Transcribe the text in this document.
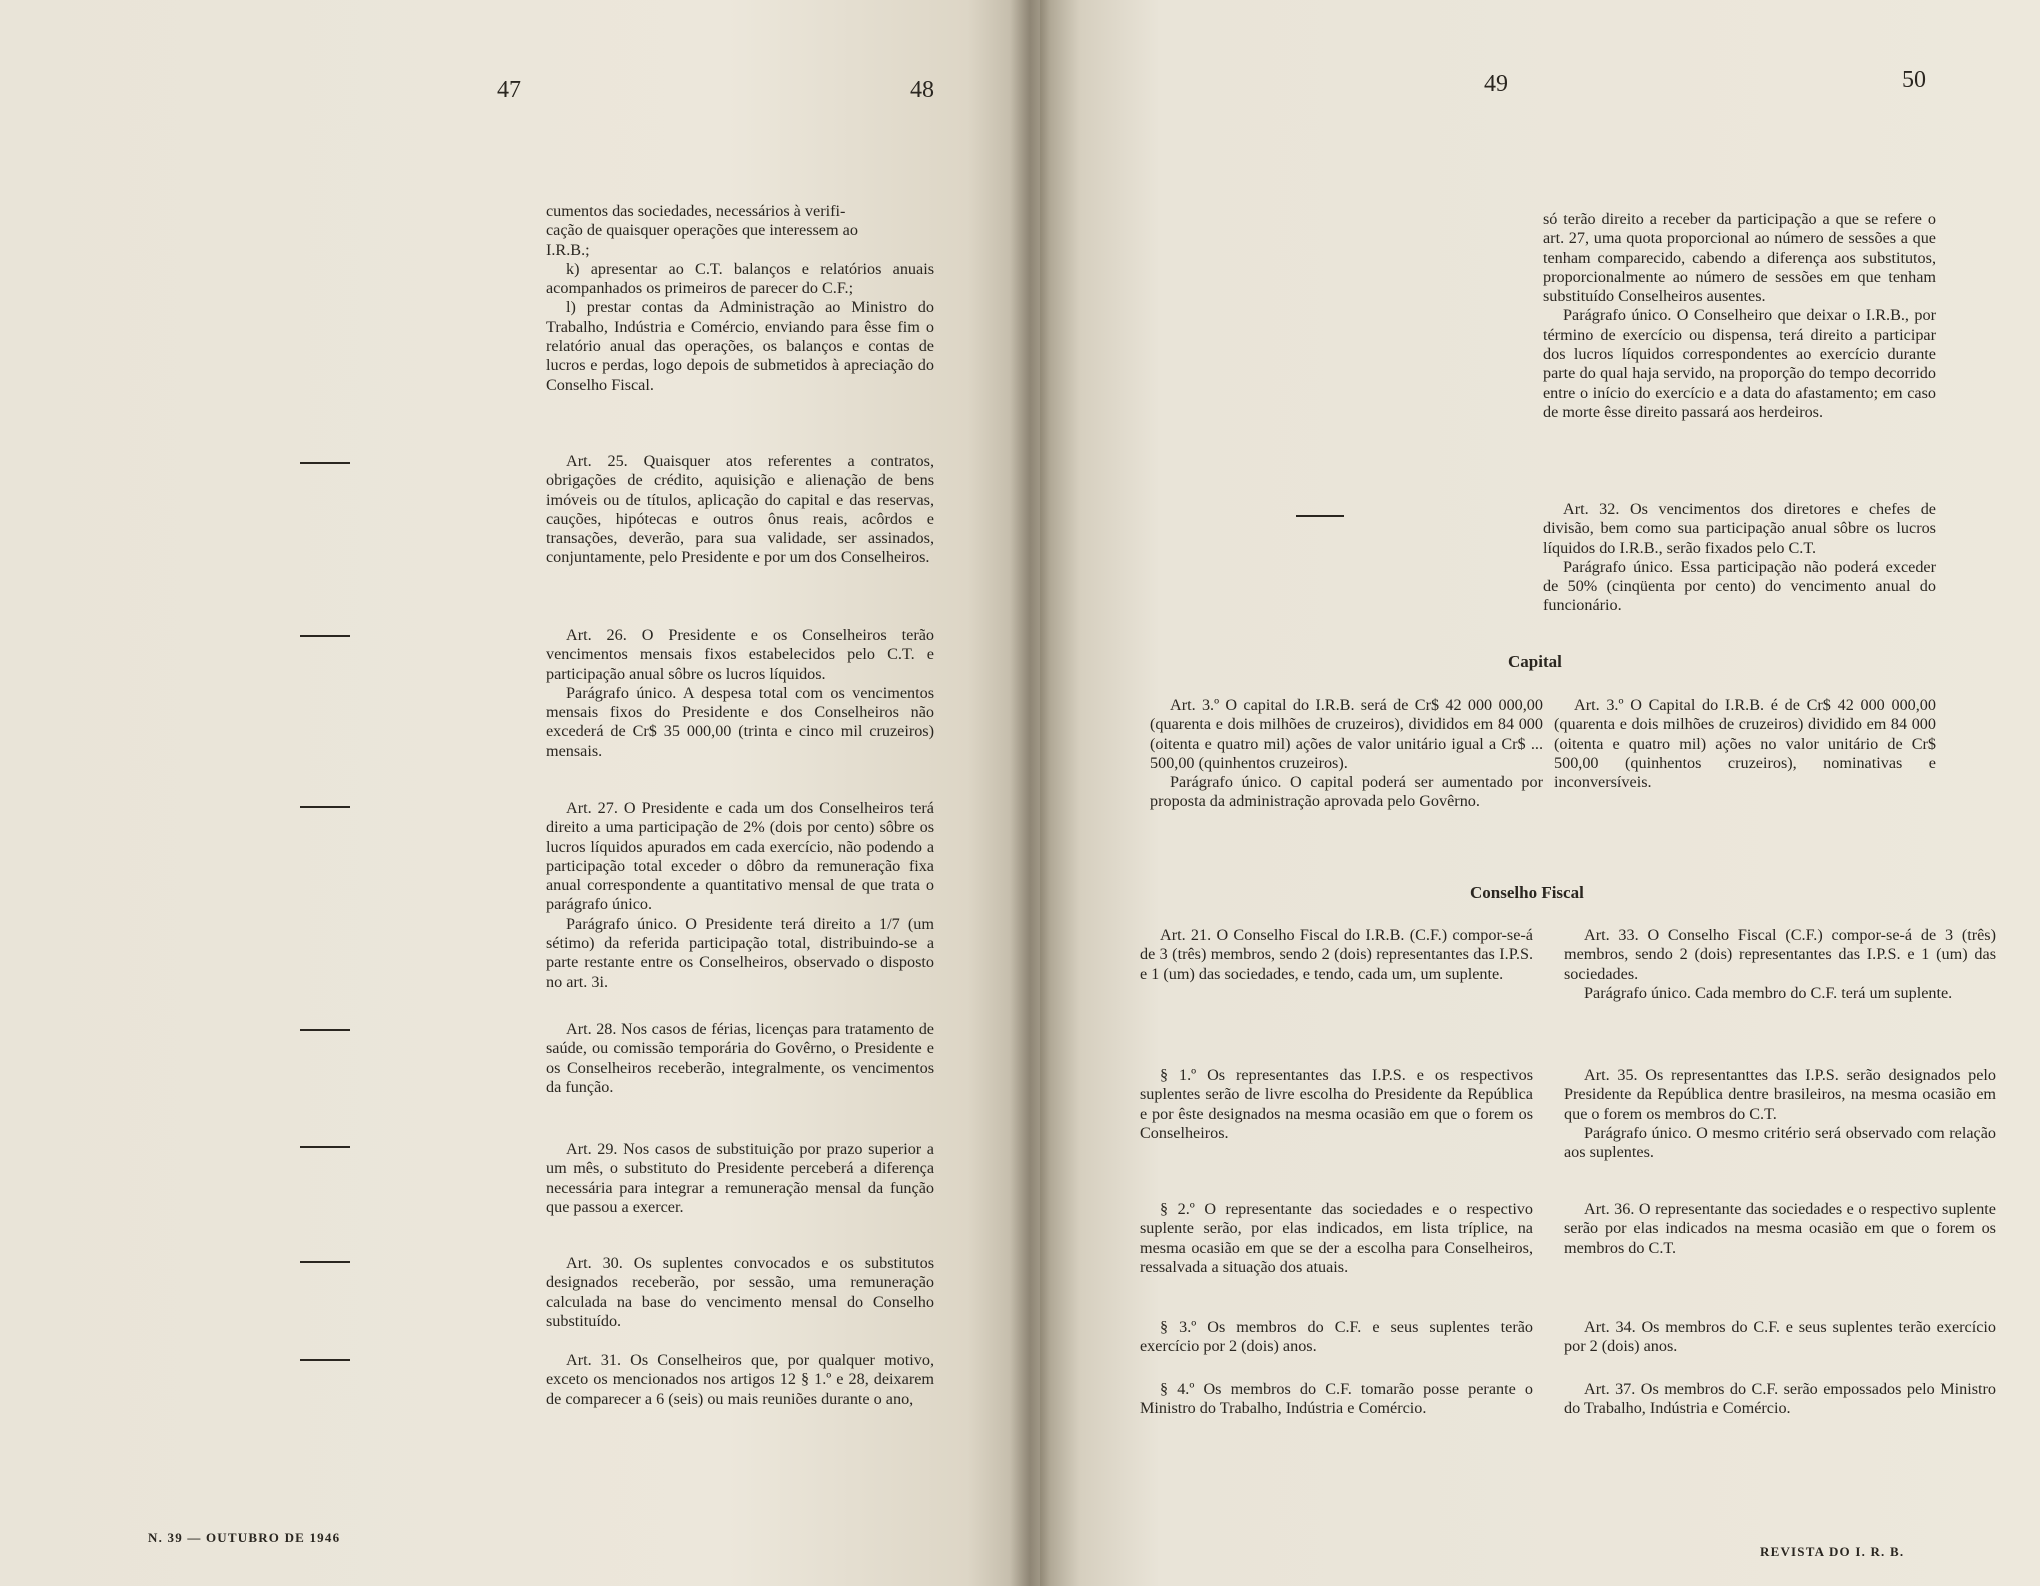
47	48

cumentos das sociedades, necessários à verifi-

cação de quaisquer operações que interessem ao

I.R.B.;

k) apresentar ao C.T. balanços e relatórios anuais acompanhados os primeiros de parecer do C.F.;

l) prestar contas da Administração ao Ministro do Trabalho, Indústria e Comércio, enviando para êsse fim o relatório anual das operações, os balanços e contas de lucros e perdas, logo depois de submetidos à apreciação do Conselho Fiscal.

Art. 25. Quaisquer atos referentes a contratos, obrigações de crédito, aquisição e alienação de bens imóveis ou de títulos, aplicação do capital e das reservas, cauções, hipótecas e outros ônus reais, acôrdos e transações, deverão, para sua validade, ser assinados, conjuntamente, pelo Presidente e por um dos Conselheiros.

Art. 26. O Presidente e os Conselheiros terão vencimentos mensais fixos estabelecidos pelo C.T. e participação anual sôbre os lucros líquidos.

Parágrafo único. A despesa total com os vencimentos mensais fixos do Presidente e dos Conselheiros não excederá de Cr$ 35 000,00 (trinta e cinco mil cruzeiros) mensais.

Art. 27. O Presidente e cada um dos Conselheiros terá direito a uma participação de 2% (dois por cento) sôbre os lucros líquidos apurados em cada exercício, não podendo a participação total exceder o dôbro da remuneração fixa anual correspondente a quantitativo mensal de que trata o parágrafo único.

Parágrafo único. O Presidente terá direito a 1/7 (um sétimo) da referida participação total, distribuindo-se a parte restante entre os Conselheiros, observado o disposto no art. 3i.

Art. 28. Nos casos de férias, licenças para tratamento de saúde, ou comissão temporária do Govêrno, o Presidente e os Conselheiros receberão, integralmente, os vencimentos da função.

Art. 29. Nos casos de substituição por prazo superior a um mês, o substituto do Presidente perceberá a diferença necessária para integrar a remuneração mensal da função que passou a exercer.

Art. 30. Os suplentes convocados e os substitutos designados receberão, por sessão, uma remuneração calculada na base do vencimento mensal do Conselho substituído.

Art. 31. Os Conselheiros que, por qualquer motivo, exceto os mencionados nos artigos 12 § 1.º e 28, deixarem de comparecer a 6 (seis) ou mais reuniões durante o ano,

N. 39 — OUTUBRO DE 1946
49	50

só terão direito a receber da participação a que se refere o art. 27, uma quota proporcional ao número de sessões a que tenham comparecido, cabendo a diferença aos substitutos, proporcionalmente ao número de sessões em que tenham substituído Conselheiros ausentes.

Parágrafo único. O Conselheiro que deixar o I.R.B., por término de exercício ou dispensa, terá direito a participar dos lucros líquidos correspondentes ao exercício durante parte do qual haja servido, na proporção do tempo decorrido entre o início do exercício e a data do afastamento; em caso de morte êsse direito passará aos herdeiros.

Art. 32. Os vencimentos dos diretores e chefes de divisão, bem como sua participação anual sôbre os lucros líquidos do I.R.B., serão fixados pelo C.T.

Parágrafo único. Essa participação não poderá exceder de 50% (cinqüenta por cento) do vencimento anual do funcionário.

Capital

Art. 3.º O capital do I.R.B. será de Cr$ 42 000 000,00 (quarenta e dois milhões de cruzeiros), divididos em 84 000 (oitenta e quatro mil) ações de valor unitário igual a Cr$ ... 500,00 (quinhentos cruzeiros).

Parágrafo único. O capital poderá ser aumentado por proposta da administração aprovada pelo Govêrno.

Art. 3.º O Capital do I.R.B. é de Cr$ 42 000 000,00 (quarenta e dois milhões de cruzeiros) dividido em 84 000 (oitenta e quatro mil) ações no valor unitário de Cr$ 500,00 (quinhentos cruzeiros), nominativas e inconversíveis.

Conselho Fiscal

Art. 21. O Conselho Fiscal do I.R.B. (C.F.) compor-se-á de 3 (três) membros, sendo 2 (dois) representantes das I.P.S. e 1 (um) das sociedades, e tendo, cada um, um suplente.

§ 1.º Os representantes das I.P.S. e os respectivos suplentes serão de livre escolha do Presidente da República e por êste designados na mesma ocasião em que o forem os Conselheiros.

§ 2.º O representante das sociedades e o respectivo suplente serão, por elas indicados, em lista tríplice, na mesma ocasião em que se der a escolha para Conselheiros, ressalvada a situação dos atuais.

§ 3.º Os membros do C.F. e seus suplentes terão exercício por 2 (dois) anos.

§ 4.º Os membros do C.F. tomarão posse perante o Ministro do Trabalho, Indústria e Comércio.

Art. 33. O Conselho Fiscal (C.F.) compor-se-á de 3 (três) membros, sendo 2 (dois) representantes das I.P.S. e 1 (um) das sociedades.

Parágrafo único. Cada membro do C.F. terá um suplente.

Art. 35. Os representanttes das I.P.S. serão designados pelo Presidente da República dentre brasileiros, na mesma ocasião em que o forem os membros do C.T.

Parágrafo único. O mesmo critério será observado com relação aos suplentes.

Art. 36. O representante das sociedades e o respectivo suplente serão por elas indicados na mesma ocasião em que o forem os membros do C.T.

Art. 34. Os membros do C.F. e seus suplentes terão exercício por 2 (dois) anos.

Art. 37. Os membros do C.F. serão empossados pelo Ministro do Trabalho, Indústria e Comércio.

REVISTA DO I. R. B.
